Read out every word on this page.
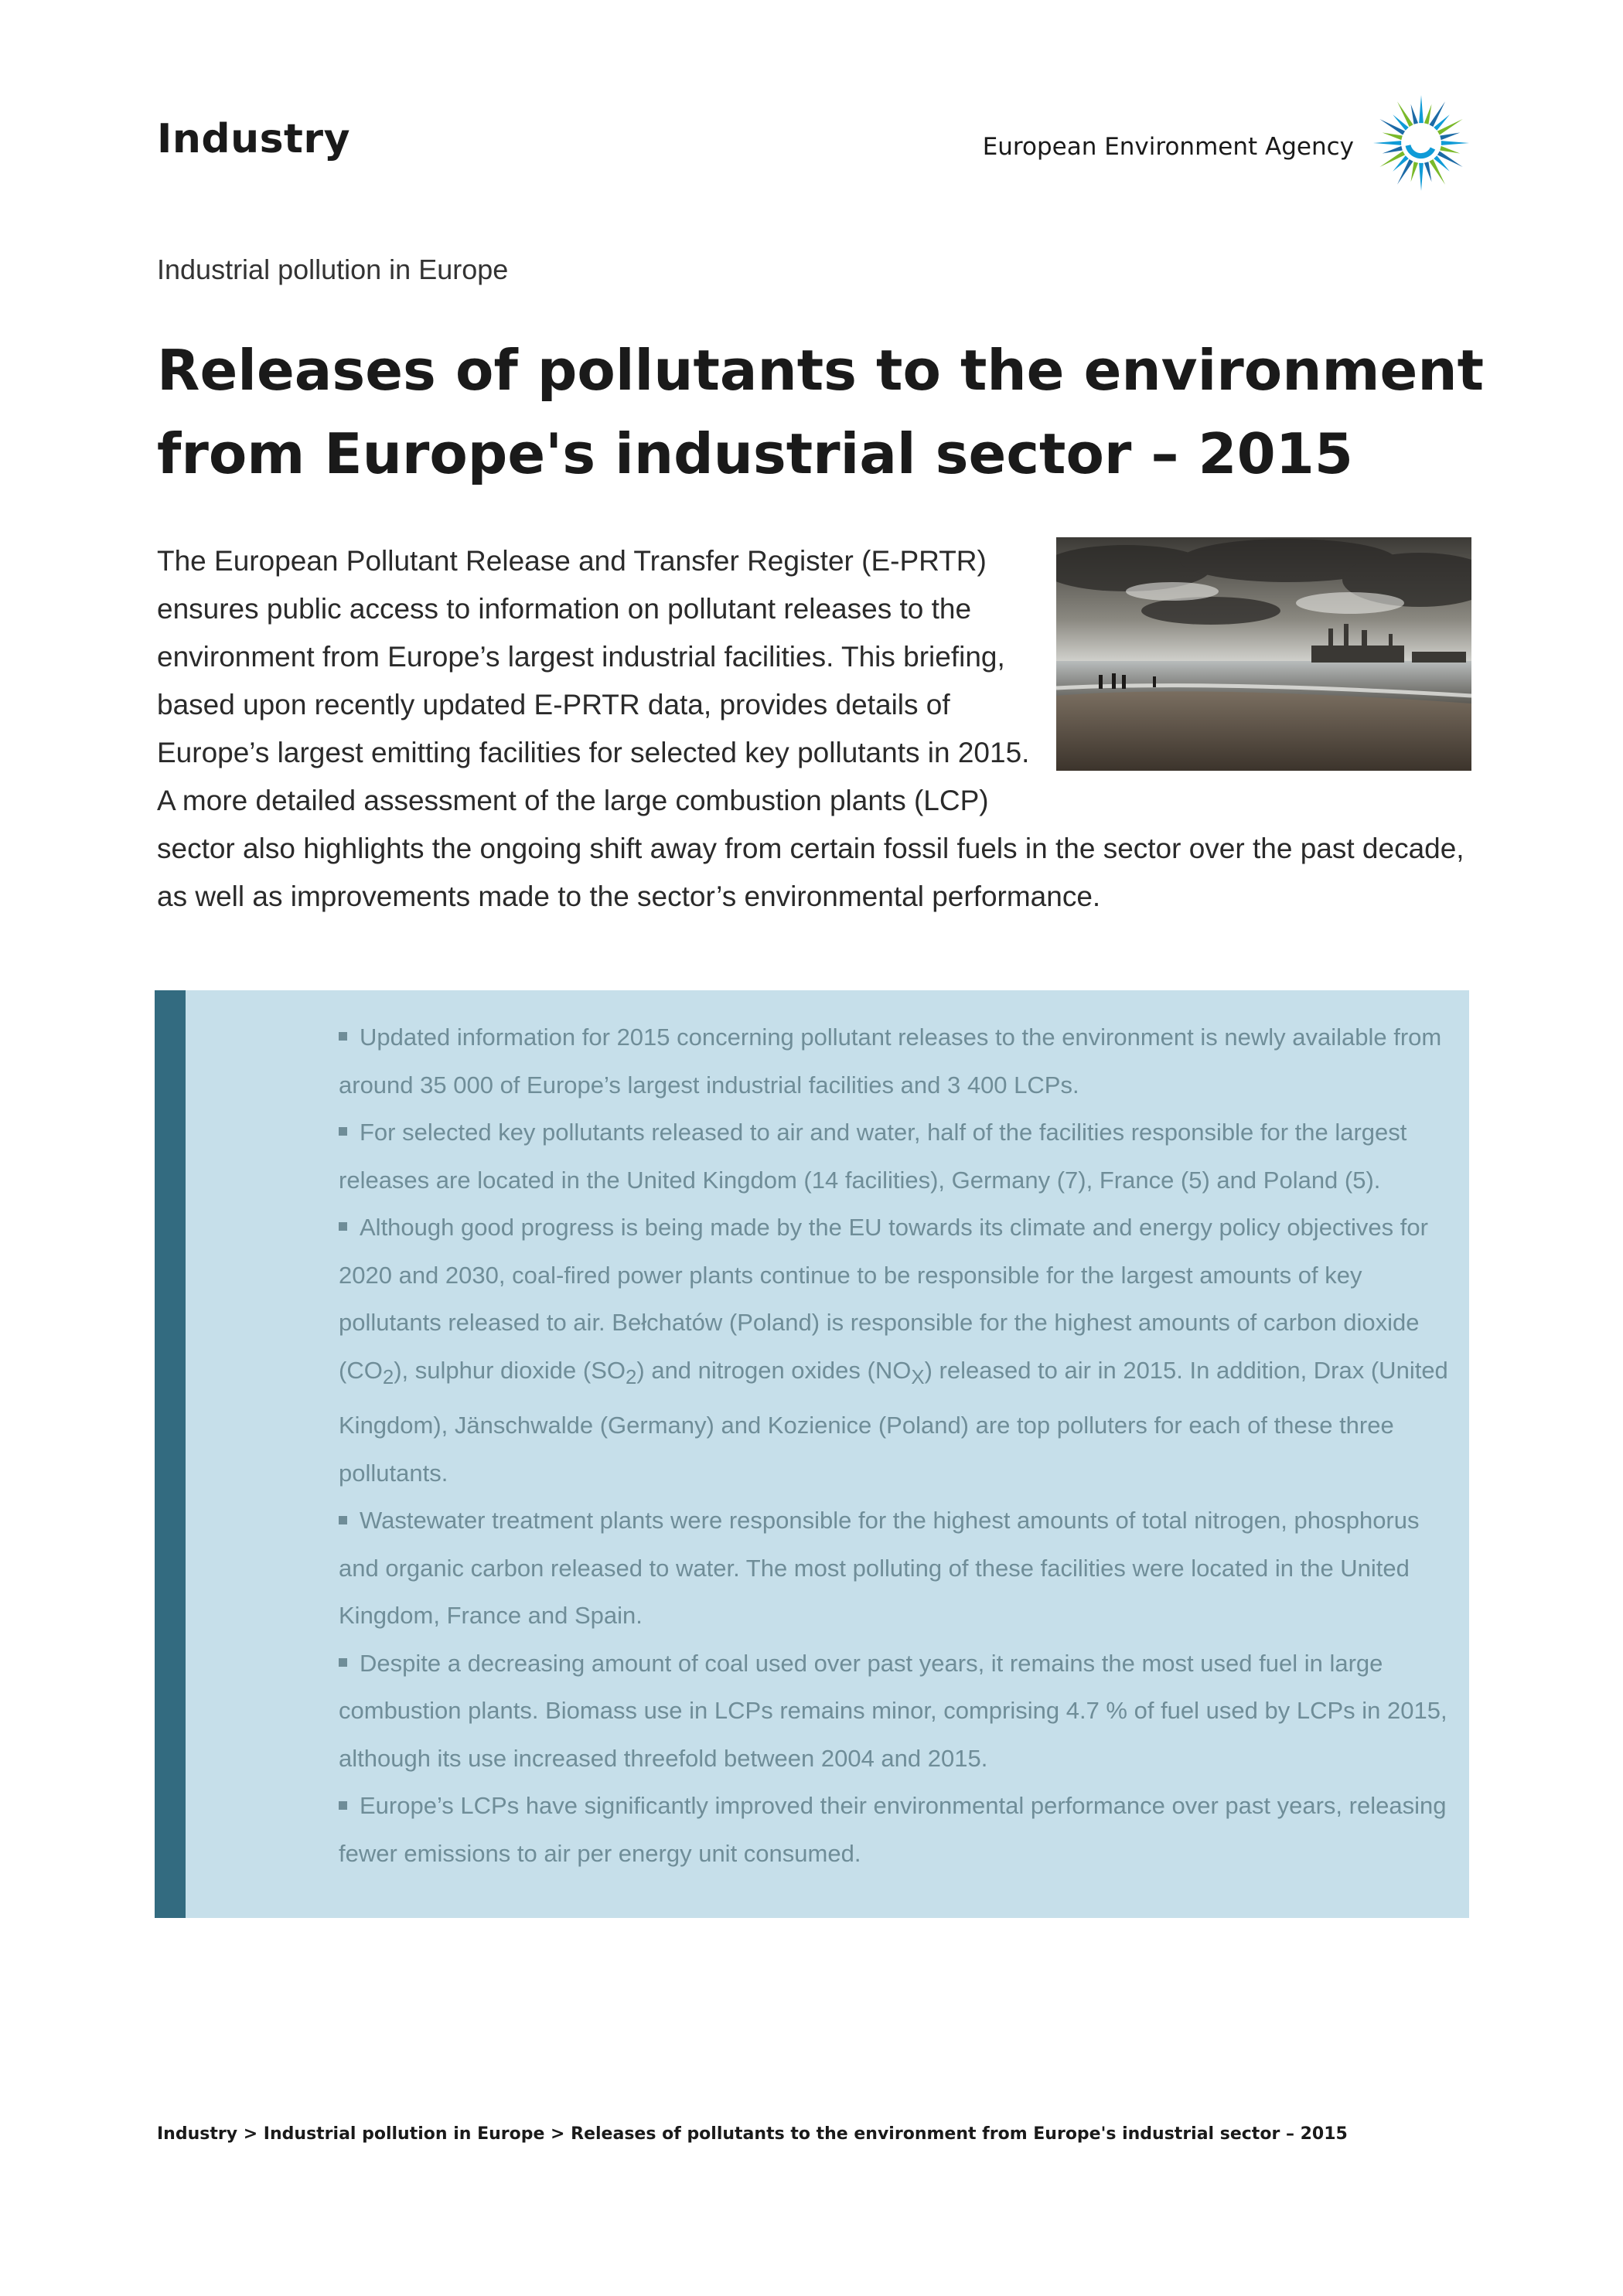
Industry	European Environment Agency
Industrial pollution in Europe
Releases of pollutants to the environment
from Europe's industrial sector – 2015

The European Pollutant Release and Transfer Register (E-PRTR) ensures public access to information on pollutant releases to the environment from Europe’s largest industrial facilities. This briefing, based upon recently updated E-PRTR data, provides details of Europe’s largest emitting facilities for selected key pollutants in 2015. A more detailed assessment of the large combustion plants (LCP) sector also highlights the ongoing shift away from certain fossil fuels in the sector over the past decade, as well as improvements made to the sector’s environmental performance.

Updated information for 2015 concerning pollutant releases to the environment is newly available from around 35 000 of Europe’s largest industrial facilities and 3 400 LCPs.
For selected key pollutants released to air and water, half of the facilities responsible for the largest releases are located in the United Kingdom (14 facilities), Germany (7), France (5) and Poland (5).
Although good progress is being made by the EU towards its climate and energy policy objectives for 2020 and 2030, coal-fired power plants continue to be responsible for the largest amounts of key pollutants released to air. Bełchatów (Poland) is responsible for the highest amounts of carbon dioxide $(CO_2)$, sulphur dioxide $(SO_2)$ and nitrogen oxides $(NO_X)$ released to air in 2015. In addition, Drax (United Kingdom), Jänschwalde (Germany) and Kozienice (Poland) are top polluters for each of these three pollutants.
Wastewater treatment plants were responsible for the highest amounts of total nitrogen, phosphorus and organic carbon released to water. The most polluting of these facilities were located in the United Kingdom, France and Spain.
Despite a decreasing amount of coal used over past years, it remains the most used fuel in large combustion plants. Biomass use in LCPs remains minor, comprising 4.7 % of fuel used by LCPs in 2015, although its use increased threefold between 2004 and 2015.
Europe’s LCPs have significantly improved their environmental performance over past years, releasing fewer emissions to air per energy unit consumed.
Industry > Industrial pollution in Europe > Releases of pollutants to the environment from Europe's industrial sector – 2015
